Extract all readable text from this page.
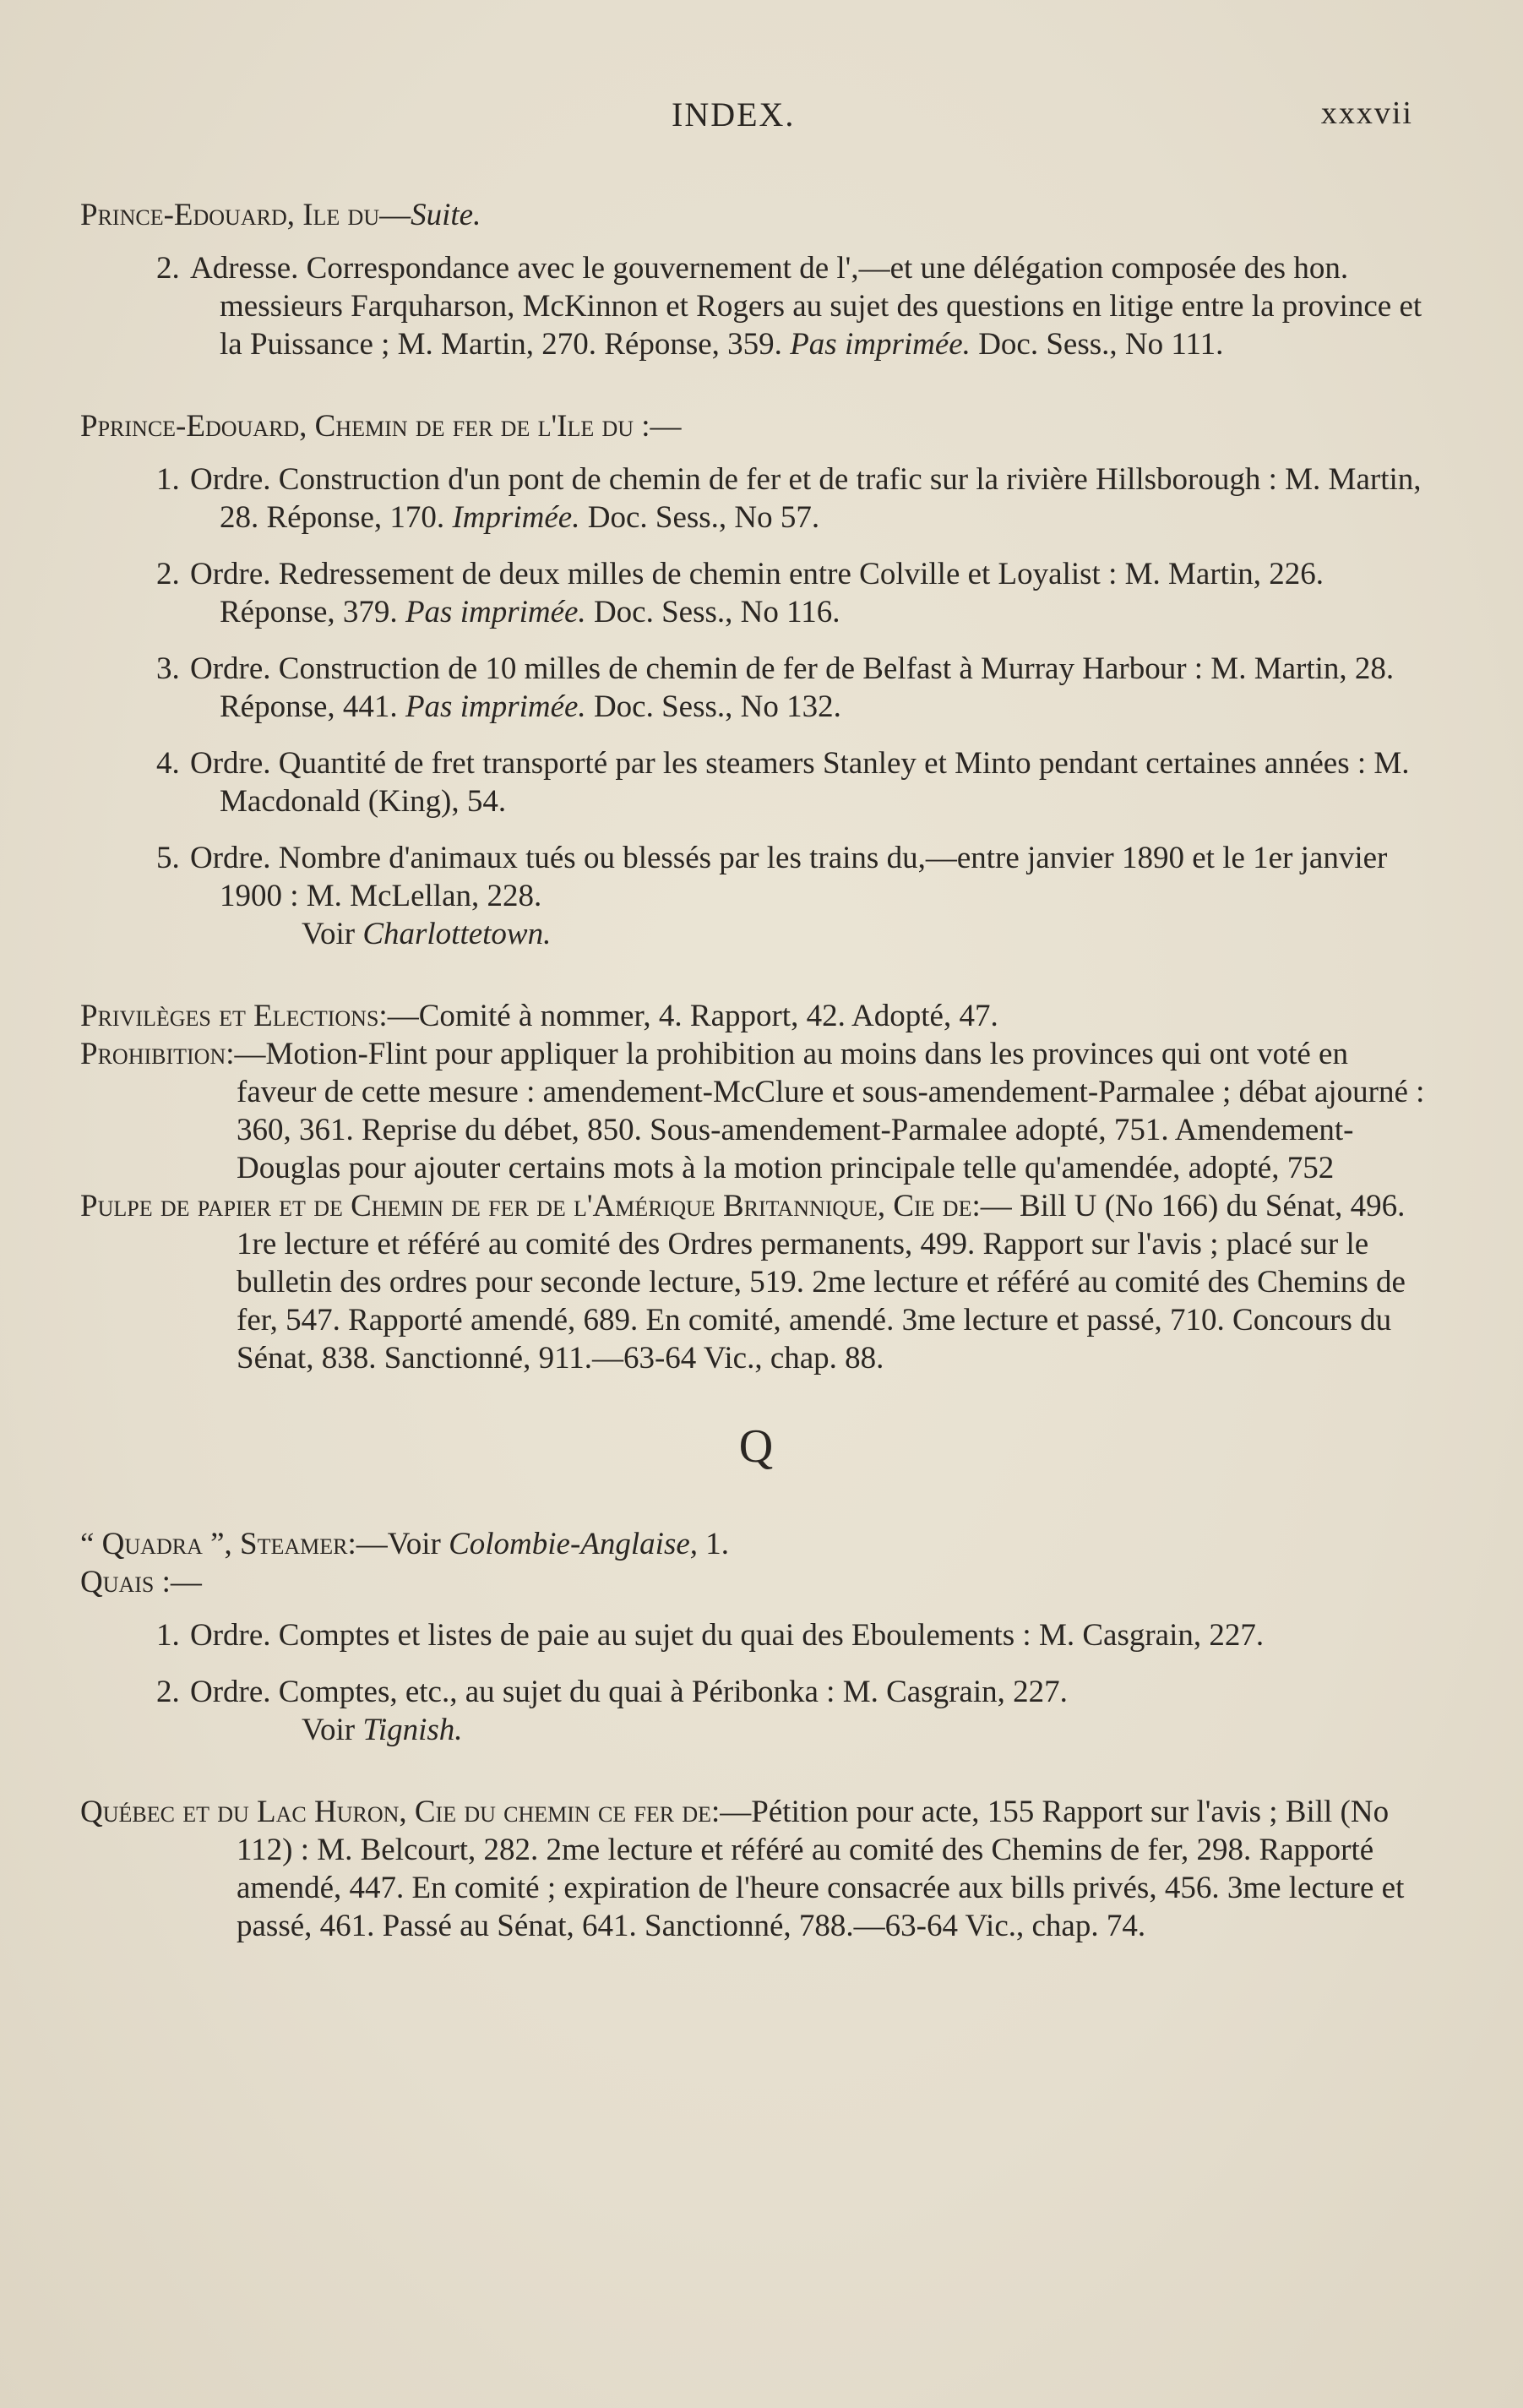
INDEX.	xxxvii

Prince-Edouard, Ile du—Suite.

2. Adresse. Correspondance avec le gouvernement de l',—et une délégation composée des hon. messieurs Farquharson, McKinnon et Rogers au sujet des questions en litige entre la province et la Puissance ; M. Martin, 270. Réponse, 359. Pas imprimée. Doc. Sess., No 111.

Pprince-Edouard, Chemin de fer de l'Ile du :—

1. Ordre. Construction d'un pont de chemin de fer et de trafic sur la rivière Hillsborough : M. Martin, 28. Réponse, 170. Imprimée. Doc. Sess., No 57.
2. Ordre. Redressement de deux milles de chemin entre Colville et Loyalist : M. Martin, 226. Réponse, 379. Pas imprimée. Doc. Sess., No 116.
3. Ordre. Construction de 10 milles de chemin de fer de Belfast à Murray Harbour : M. Martin, 28. Réponse, 441. Pas imprimée. Doc. Sess., No 132.
4. Ordre. Quantité de fret transporté par les steamers Stanley et Minto pendant certaines années : M. Macdonald (King), 54.
5. Ordre. Nombre d'animaux tués ou blessés par les trains du,—entre janvier 1890 et le 1er janvier 1900 : M. McLellan, 228.
Voir Charlottetown.

Privilèges et Elections:—Comité à nommer, 4. Rapport, 42. Adopté, 47.

Prohibition:—Motion-Flint pour appliquer la prohibition au moins dans les provinces qui ont voté en faveur de cette mesure : amendement-McClure et sous-amendement-Parmalee ; débat ajourné : 360, 361. Reprise du débet, 850. Sous-amendement-Parmalee adopté, 751. Amendement-Douglas pour ajouter certains mots à la motion principale telle qu'amendée, adopté, 752

Pulpe de papier et de Chemin de fer de l'Amérique Britannique, Cie de:— Bill U (No 166) du Sénat, 496. 1re lecture et référé au comité des Ordres permanents, 499. Rapport sur l'avis ; placé sur le bulletin des ordres pour seconde lecture, 519. 2me lecture et référé au comité des Chemins de fer, 547. Rapporté amendé, 689. En comité, amendé. 3me lecture et passé, 710. Concours du Sénat, 838. Sanctionné, 911.—63-64 Vic., chap. 88.

Q

“ Quadra ”, Steamer:—Voir Colombie-Anglaise, 1.

Quais :—

1. Ordre. Comptes et listes de paie au sujet du quai des Eboulements : M. Casgrain, 227.
2. Ordre. Comptes, etc., au sujet du quai à Péribonka : M. Casgrain, 227.
Voir Tignish.

Québec et du Lac Huron, Cie du chemin ce fer de:—Pétition pour acte, 155 Rapport sur l'avis ; Bill (No 112) : M. Belcourt, 282. 2me lecture et référé au comité des Chemins de fer, 298. Rapporté amendé, 447. En comité ; expiration de l'heure consacrée aux bills privés, 456. 3me lecture et passé, 461. Passé au Sénat, 641. Sanctionné, 788.—63-64 Vic., chap. 74.
